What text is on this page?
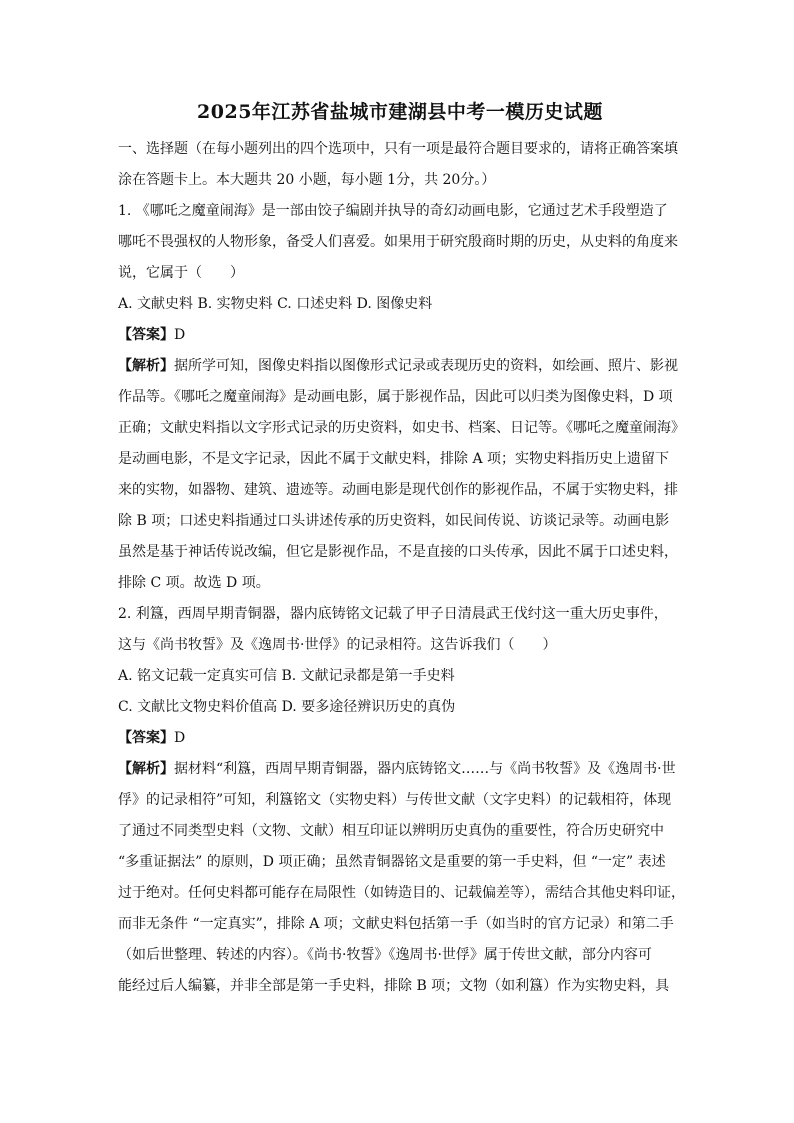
2025年江苏省盐城市建湖县中考一模历史试题
一、选择题（在每小题列出的四个选项中，只有一项是最符合题目要求的，请将正确答案填
涂在答题卡上。本大题共 20 小题，每小题 1分，共 20分。）
1. 《哪吒之魔童闹海》是一部由饺子编剧并执导的奇幻动画电影，它通过艺术手段塑造了
哪吒不畏强权的人物形象，备受人们喜爱。如果用于研究殷商时期的历史，从史料的角度来
说，它属于（　　）
A. 文献史料 B. 实物史料 C. 口述史料 D. 图像史料
【答案】D
【解析】据所学可知，图像史料指以图像形式记录或表现历史的资料，如绘画、照片、影视
作品等。《哪吒之魔童闹海》是动画电影，属于影视作品，因此可以归类为图像史料，D 项
正确；文献史料指以文字形式记录的历史资料，如史书、档案、日记等。《哪吒之魔童闹海》
是动画电影，不是文字记录，因此不属于文献史料，排除 A 项；实物史料指历史上遗留下
来的实物，如器物、建筑、遗迹等。动画电影是现代创作的影视作品，不属于实物史料，排
除 B 项；口述史料指通过口头讲述传承的历史资料，如民间传说、访谈记录等。动画电影
虽然是基于神话传说改编，但它是影视作品，不是直接的口头传承，因此不属于口述史料，
排除 C 项。故选 D 项。
2. 利簋，西周早期青铜器，器内底铸铭文记载了甲子日清晨武王伐纣这一重大历史事件，
这与《尚书牧誓》及《逸周书·世俘》的记录相符。这告诉我们（　　）
A. 铭文记载一定真实可信 B. 文献记录都是第一手史料
C. 文献比文物史料价值高 D. 要多途径辨识历史的真伪
【答案】D
【解析】据材料“利簋，西周早期青铜器，器内底铸铭文……与《尚书牧誓》及《逸周书·世
俘》的记录相符”可知，利簋铭文（实物史料）与传世文献（文字史料）的记载相符，体现
了通过不同类型史料（文物、文献）相互印证以辨明历史真伪的重要性，符合历史研究中
“多重证据法” 的原则，D 项正确；虽然青铜器铭文是重要的第一手史料，但 “一定” 表述
过于绝对。任何史料都可能存在局限性（如铸造目的、记载偏差等），需结合其他史料印证，
而非无条件 “一定真实”，排除 A 项；文献史料包括第一手（如当时的官方记录）和第二手
（如后世整理、转述的内容）。《尚书·牧誓》《逸周书·世俘》属于传世文献，部分内容可
能经过后人编纂，并非全部是第一手史料，排除 B 项；文物（如利簋）作为实物史料，具
